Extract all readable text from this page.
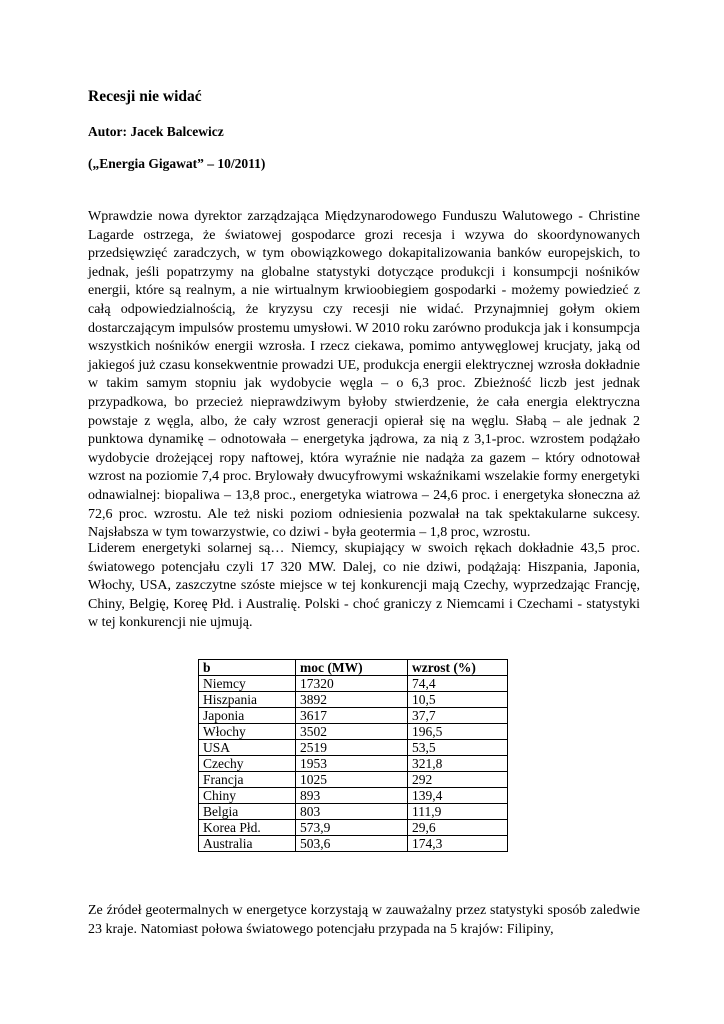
Recesji nie widać

Autor: Jacek Balcewicz

(„Energia Gigawat” – 10/2011)

Wprawdzie nowa dyrektor zarządzająca Międzynarodowego Funduszu Walutowego - Christine Lagarde ostrzega, że światowej gospodarce grozi recesja i wzywa do skoordynowanych przedsięwzięć zaradczych, w tym obowiązkowego dokapitalizowania banków europejskich, to jednak, jeśli popatrzymy na globalne statystyki dotyczące produkcji i konsumpcji nośników energii, które są realnym, a nie wirtualnym krwioobiegiem gospodarki - możemy powiedzieć z całą odpowiedzialnością, że kryzysu czy recesji nie widać. Przynajmniej gołym okiem dostarczającym impulsów prostemu umysłowi. W 2010 roku zarówno produkcja jak i konsumpcja wszystkich nośników energii wzrosła. I rzecz ciekawa, pomimo antywęglowej krucjaty, jaką od jakiegoś już czasu konsekwentnie prowadzi UE, produkcja energii elektrycznej wzrosła dokładnie w takim samym stopniu jak wydobycie węgla – o 6,3 proc. Zbieżność liczb jest jednak przypadkowa, bo przecież nieprawdziwym byłoby stwierdzenie, że cała energia elektryczna powstaje z węgla, albo, że cały wzrost generacji opierał się na węglu. Słabą – ale jednak 2 punktowa dynamikę – odnotowała – energetyka jądrowa, za nią z 3,1-proc. wzrostem podążało wydobycie drożejącej ropy naftowej, która wyraźnie nie nadąża za gazem – który odnotował wzrost na poziomie 7,4 proc. Brylowały dwucyfrowymi wskaźnikami wszelakie formy energetyki odnawialnej: biopaliwa – 13,8 proc., energetyka wiatrowa – 24,6 proc. i energetyka słoneczna aż 72,6 proc. wzrostu. Ale też niski poziom odniesienia pozwalał na tak spektakularne sukcesy. Najsłabsza w tym towarzystwie, co dziwi - była geotermia – 1,8 proc, wzrostu.

Liderem energetyki solarnej są… Niemcy, skupiający w swoich rękach dokładnie 43,5 proc. światowego potencjału czyli 17 320 MW. Dalej, co nie dziwi, podążają: Hiszpania, Japonia, Włochy, USA, zaszczytne szóste miejsce w tej konkurencji mają Czechy, wyprzedzając Francję, Chiny, Belgię, Koreę Płd. i Australię. Polski - choć graniczy z Niemcami i Czechami - statystyki w tej konkurencji nie ujmują.

b	moc (MW)	wzrost (%)
Niemcy	17320	74,4
Hiszpania	3892	10,5
Japonia	3617	37,7
Włochy	3502	196,5
USA	2519	53,5
Czechy	1953	321,8
Francja	1025	292
Chiny	893	139,4
Belgia	803	111,9
Korea Płd.	573,9	29,6
Australia	503,6	174,3

Ze źródeł geotermalnych w energetyce korzystają w zauważalny przez statystyki sposób zaledwie 23 kraje. Natomiast połowa światowego potencjału przypada na 5 krajów: Filipiny,
